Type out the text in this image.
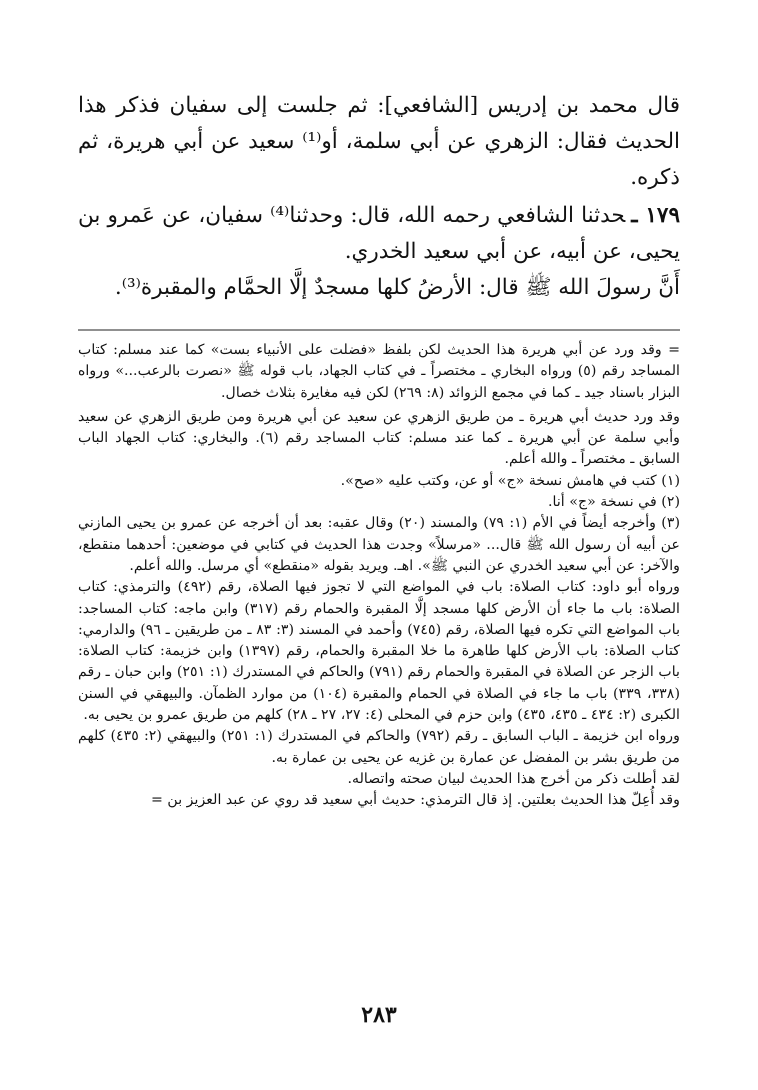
قال محمد بن إدريس [الشافعي]: ثم جلست إلى سفيان فذكر هذا الحديث فقال: الزهري عن أبي سلمة، أو⁽¹⁾ سعيد عن أبي هريرة، ثم ذكره.

١٧٩ ـحدثنا الشافعي رحمه الله، قال: وحدثنا⁽⁴⁾ سفيان، عن عَمرو بن يحيى، عن أبيه، عن أبي سعيد الخدري.

أَنَّ رسولَ الله ﷺ قال: الأرضُ كلها مسجدٌ إلَّا الحمَّام والمقبرة⁽³⁾.

= وقد ورد عن أبي هريرة هذا الحديث لكن بلفظ «فضلت على الأنبياء بست» كما عند مسلم: كتاب المساجد رقم (٥) ورواه البخاري ـ مختصراً ـ في كتاب الجهاد، باب قوله ﷺ «نصرت بالرعب...» ورواه البزار باسناد جيد ـ كما في مجمع الزوائد (٨: ٢٦٩) لكن فيه مغايرة بثلاث خصال.

وقد ورد حديث أبي هريرة ـ من طريق الزهري عن سعيد عن أبي هريرة ومن طريق الزهري عن سعيد وأبي سلمة عن أبي هريرة ـ كما عند مسلم: كتاب المساجد رقم (٦). والبخاري: كتاب الجهاد الباب السابق ـ مختصراً ـ والله أعلم.

(١) كتب في هامش نسخة «ج» أو عن، وكتب عليه «صح».

(٢) في نسخة «ج» أنا.

(٣) وأخرجه أيضاً في الأم (١: ٧٩) والمسند (٢٠) وقال عقبه: بعد أن أخرجه عن عمرو بن يحيى المازني عن أبيه أن رسول الله ﷺ قال... «مرسلاً» وجدت هذا الحديث في كتابي في موضعين: أحدهما منقطع، والآخر: عن أبي سعيد الخدري عن النبي ﷺ». اهـ. ويريد بقوله «منقطع» أي مرسل. والله أعلم.

ورواه أبو داود: كتاب الصلاة: باب في المواضع التي لا تجوز فيها الصلاة، رقم (٤٩٢) والترمذي: كتاب الصلاة: باب ما جاء أن الأرض كلها مسجد إلَّا المقبرة والحمام رقم (٣١٧) وابن ماجه: كتاب المساجد: باب المواضع التي تكره فيها الصلاة، رقم (٧٤٥) وأحمد في المسند (٣: ٨٣ ـ من طريقين ـ ٩٦) والدارمي: كتاب الصلاة: باب الأرض كلها طاهرة ما خلا المقبرة والحمام، رقم (١٣٩٧) وابن خزيمة: كتاب الصلاة: باب الزجر عن الصلاة في المقبرة والحمام رقم (٧٩١) والحاكم في المستدرك (١: ٢٥١) وابن حبان ـ رقم (٣٣٨، ٣٣٩) باب ما جاء في الصلاة في الحمام والمقبرة (١٠٤) من موارد الظمآن. والبيهقي في السنن الكبرى (٢: ٤٣٤ ـ ٤٣٥، ٤٣٥) وابن حزم في المحلى (٤: ٢٧، ٢٧ ـ ٢٨) كلهم من طريق عمرو بن يحيى به.

ورواه ابن خزيمة ـ الباب السابق ـ رقم (٧٩٢) والحاكم في المستدرك (١: ٢٥١) والبيهقي (٢: ٤٣٥) كلهم من طريق بشر بن المفضل عن عمارة بن غزيه عن يحيى بن عمارة به.

لقد أطلت ذكر من أخرج هذا الحديث لبيان صحته واتصاله.

وقد أُعِلّ هذا الحديث بعلتين. إذ قال الترمذي: حديث أبي سعيد قد روي عن عبد العزيز بن =

٢٨٣
